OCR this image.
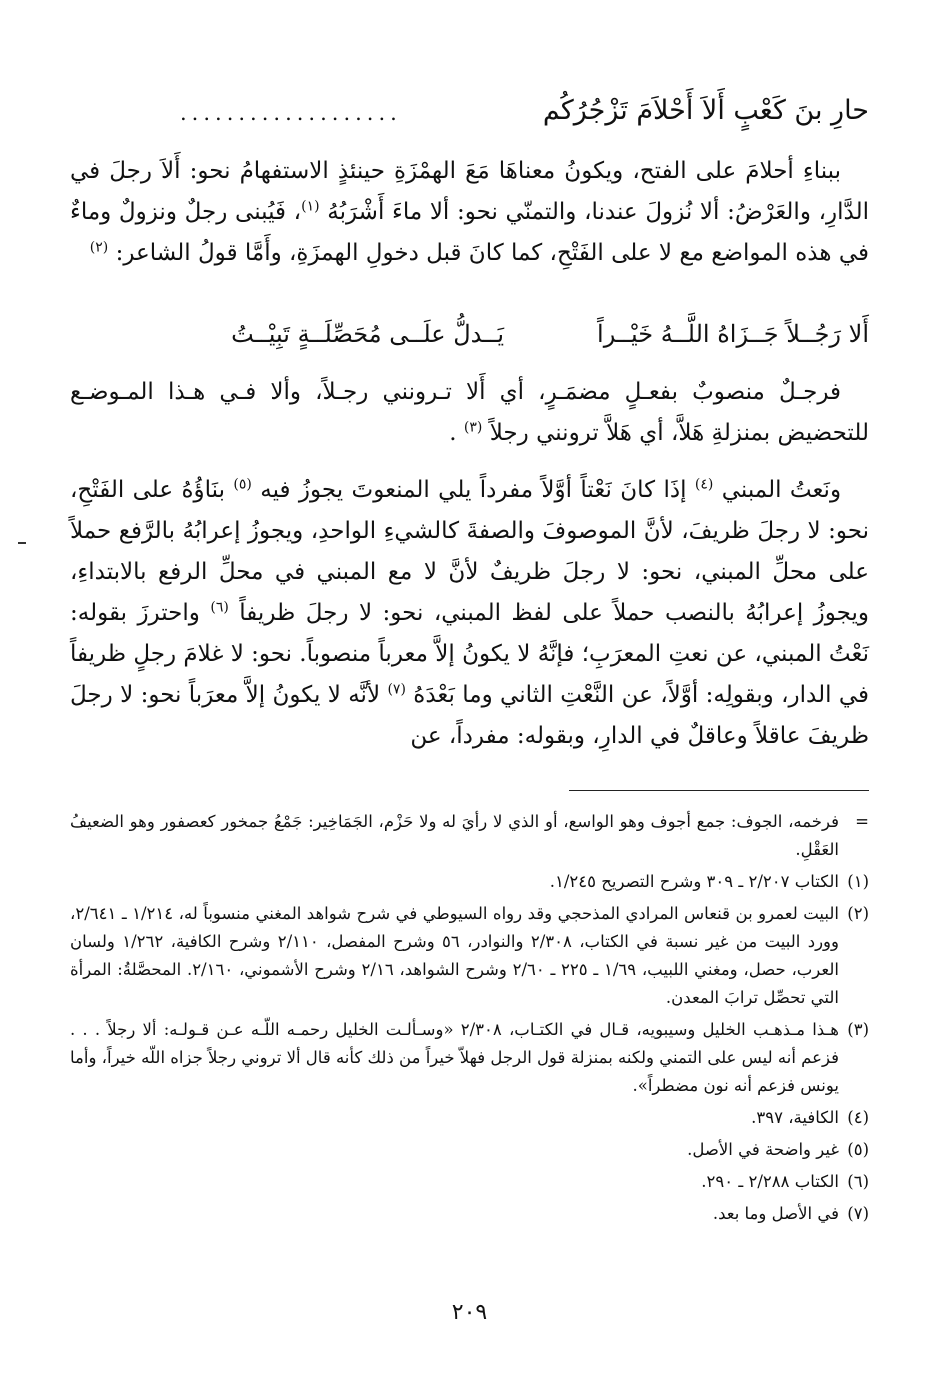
حارِ بنَ كَعْبٍ أَلاَ أَحْلاَمَ تَزْجُرُكُم
...................

ببناءِ أحلامَ على الفتح، ويكونُ معناهَا مَعَ الهمْزَةِ حينئذٍ الاستفهامُ نحو: أَلاَ رجلَ في الدَّارِ، والعَرْضُ: ألا نُزولَ عندنا، والتمنّي نحو: ألا ماءَ أَشْرَبُهُ $^{(١)}$، فَيُبنى رجلٌ ونزولٌ وماءٌ في هذه المواضع مع لا على الفَتْحِ، كما كانَ قبل دخولِ الهمزَةِ، وأَمَّا قولُ الشاعر: $^{(٢)}$

أَلا رَجُــلاً جَــزَاهُ اللَّــهُ خَيْــراً
يَــدلُّ علَــى مُحَصِّلَــةٍ تَبِيْــتُ

فرجـلٌ منصوبٌ بفعـلٍ مضمَـرٍ، أي أَلا تـرونني رجـلاً، وألا فـي هـذا المـوضـع للتحضيض بمنزلةِ هَلاَّ، أي هَلاَّ ترونني رجلاً $^{(٣)}$ .

ونَعتُ المبني $^{(٤)}$ إذَا كانَ نَعْتاً أوَّلاً مفرداً يلي المنعوتَ يجوزُ فيه $^{(٥)}$ بنَاؤُهُ على الفَتْحِ، نحو: لا رجلَ ظريفَ، لأنَّ الموصوفَ والصفةَ كالشيءِ الواحدِ، ويجوزُ إعرابُهُ بالرَّفع حملاً على محلِّ المبني، نحو: لا رجلَ ظريفٌ لأنَّ لا مع المبني في محلِّ الرفع بالابتداءِ، ويجوزُ إعرابُهُ بالنصب حملاً على لفظ المبني، نحو: لا رجلَ ظريفاً $^{(٦)}$ واحترزَ بقوله: نَعْتُ المبني، عن نعتِ المعرَبِ؛ فإنَّهُ لا يكونُ إلاَّ معرباً منصوباً. نحو: لا غلامَ رجلٍ ظريفاً في الدار، وبقولِه: أوَّلاً، عن النَّعْتِ الثاني وما بَعْدَهُ $^{(٧)}$ لأنَّه لا يكونُ إلاَّ معرَباً نحو: لا رجلَ ظريفَ عاقلاً وعاقلٌ في الدارِ، وبقوله: مفرداً، عن

=
فرخمه، الجوف: جمع أجوف وهو الواسع، أو الذي لا رأيَ له ولا حَزْم، الجَمَاخِير: جَمْعُ جمخور كعصفور وهو الضعيفُ العَقْلِ.
(١)
الكتاب ٢/٢٠٧ ـ ٣٠٩ وشرح التصريح ١/٢٤٥.
(٢)
البيت لعمرو بن قنعاس المرادي المذحجي وقد رواه السيوطي في شرح شواهد المغني منسوباً له، ١/٢١٤ ـ ٢/٦٤١، وورد البيت من غير نسبة في الكتاب، ٢/٣٠٨ والنوادر، ٥٦ وشرح المفصل، ٢/١١٠ وشرح الكافية، ١/٢٦٢ ولسان العرب، حصل، ومغني اللبيب، ١/٦٩ ـ ٢٢٥ ـ ٢/٦٠ وشرح الشواهد، ٢/١٦ وشرح الأشموني، ٢/١٦٠. المحصَّلةُ: المرأة التي تحصِّل ترابَ المعدن.
(٣)
هـذا مـذهـب الخليل وسيبويه، قـال في الكتـاب، ٢/٣٠٨ «وسـألـت الخليل رحمـه اللّـه عـن قـولـه: ألا رجلاً . . . فزعم أنه ليس على التمني ولكنه بمنزلة قول الرجل فهلاّ خيراً من ذلك كأنه قال ألا تروني رجلاً جزاه اللّه خيراً، وأما يونس فزعم أنه نون مضطراً».
(٤)
الكافية، ٣٩٧.
(٥)
غير واضحة في الأصل.
(٦)
الكتاب ٢/٢٨٨ ـ ٢٩٠.
(٧)
في الأصل وما بعد.
٢٠٩
